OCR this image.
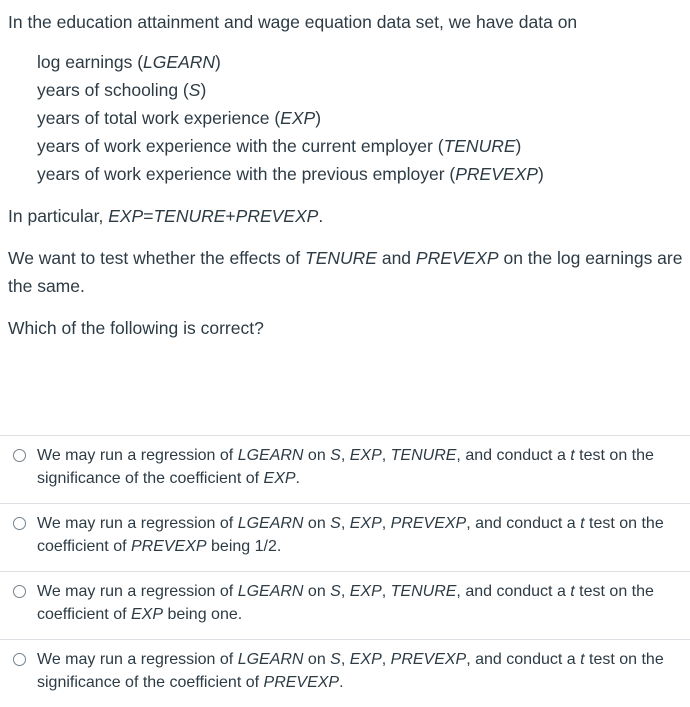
In the education attainment and wage equation data set, we have data on

log earnings (LGEARN)

years of schooling (S)

years of total work experience (EXP)

years of work experience with the current employer (TENURE)

years of work experience with the previous employer (PREVEXP)

In particular, EXP=TENURE+PREVEXP.

We want to test whether the effects of TENURE and PREVEXP on the log earnings are the same.

Which of the following is correct?

We may run a regression of LGEARN on S, EXP, TENURE, and conduct a t test on the significance of the coefficient of EXP.
We may run a regression of LGEARN on S, EXP, PREVEXP, and conduct a t test on the coefficient of PREVEXP being 1/2.
We may run a regression of LGEARN on S, EXP, TENURE, and conduct a t test on the coefficient of EXP being one.
We may run a regression of LGEARN on S, EXP, PREVEXP, and conduct a t test on the significance of the coefficient of PREVEXP.
